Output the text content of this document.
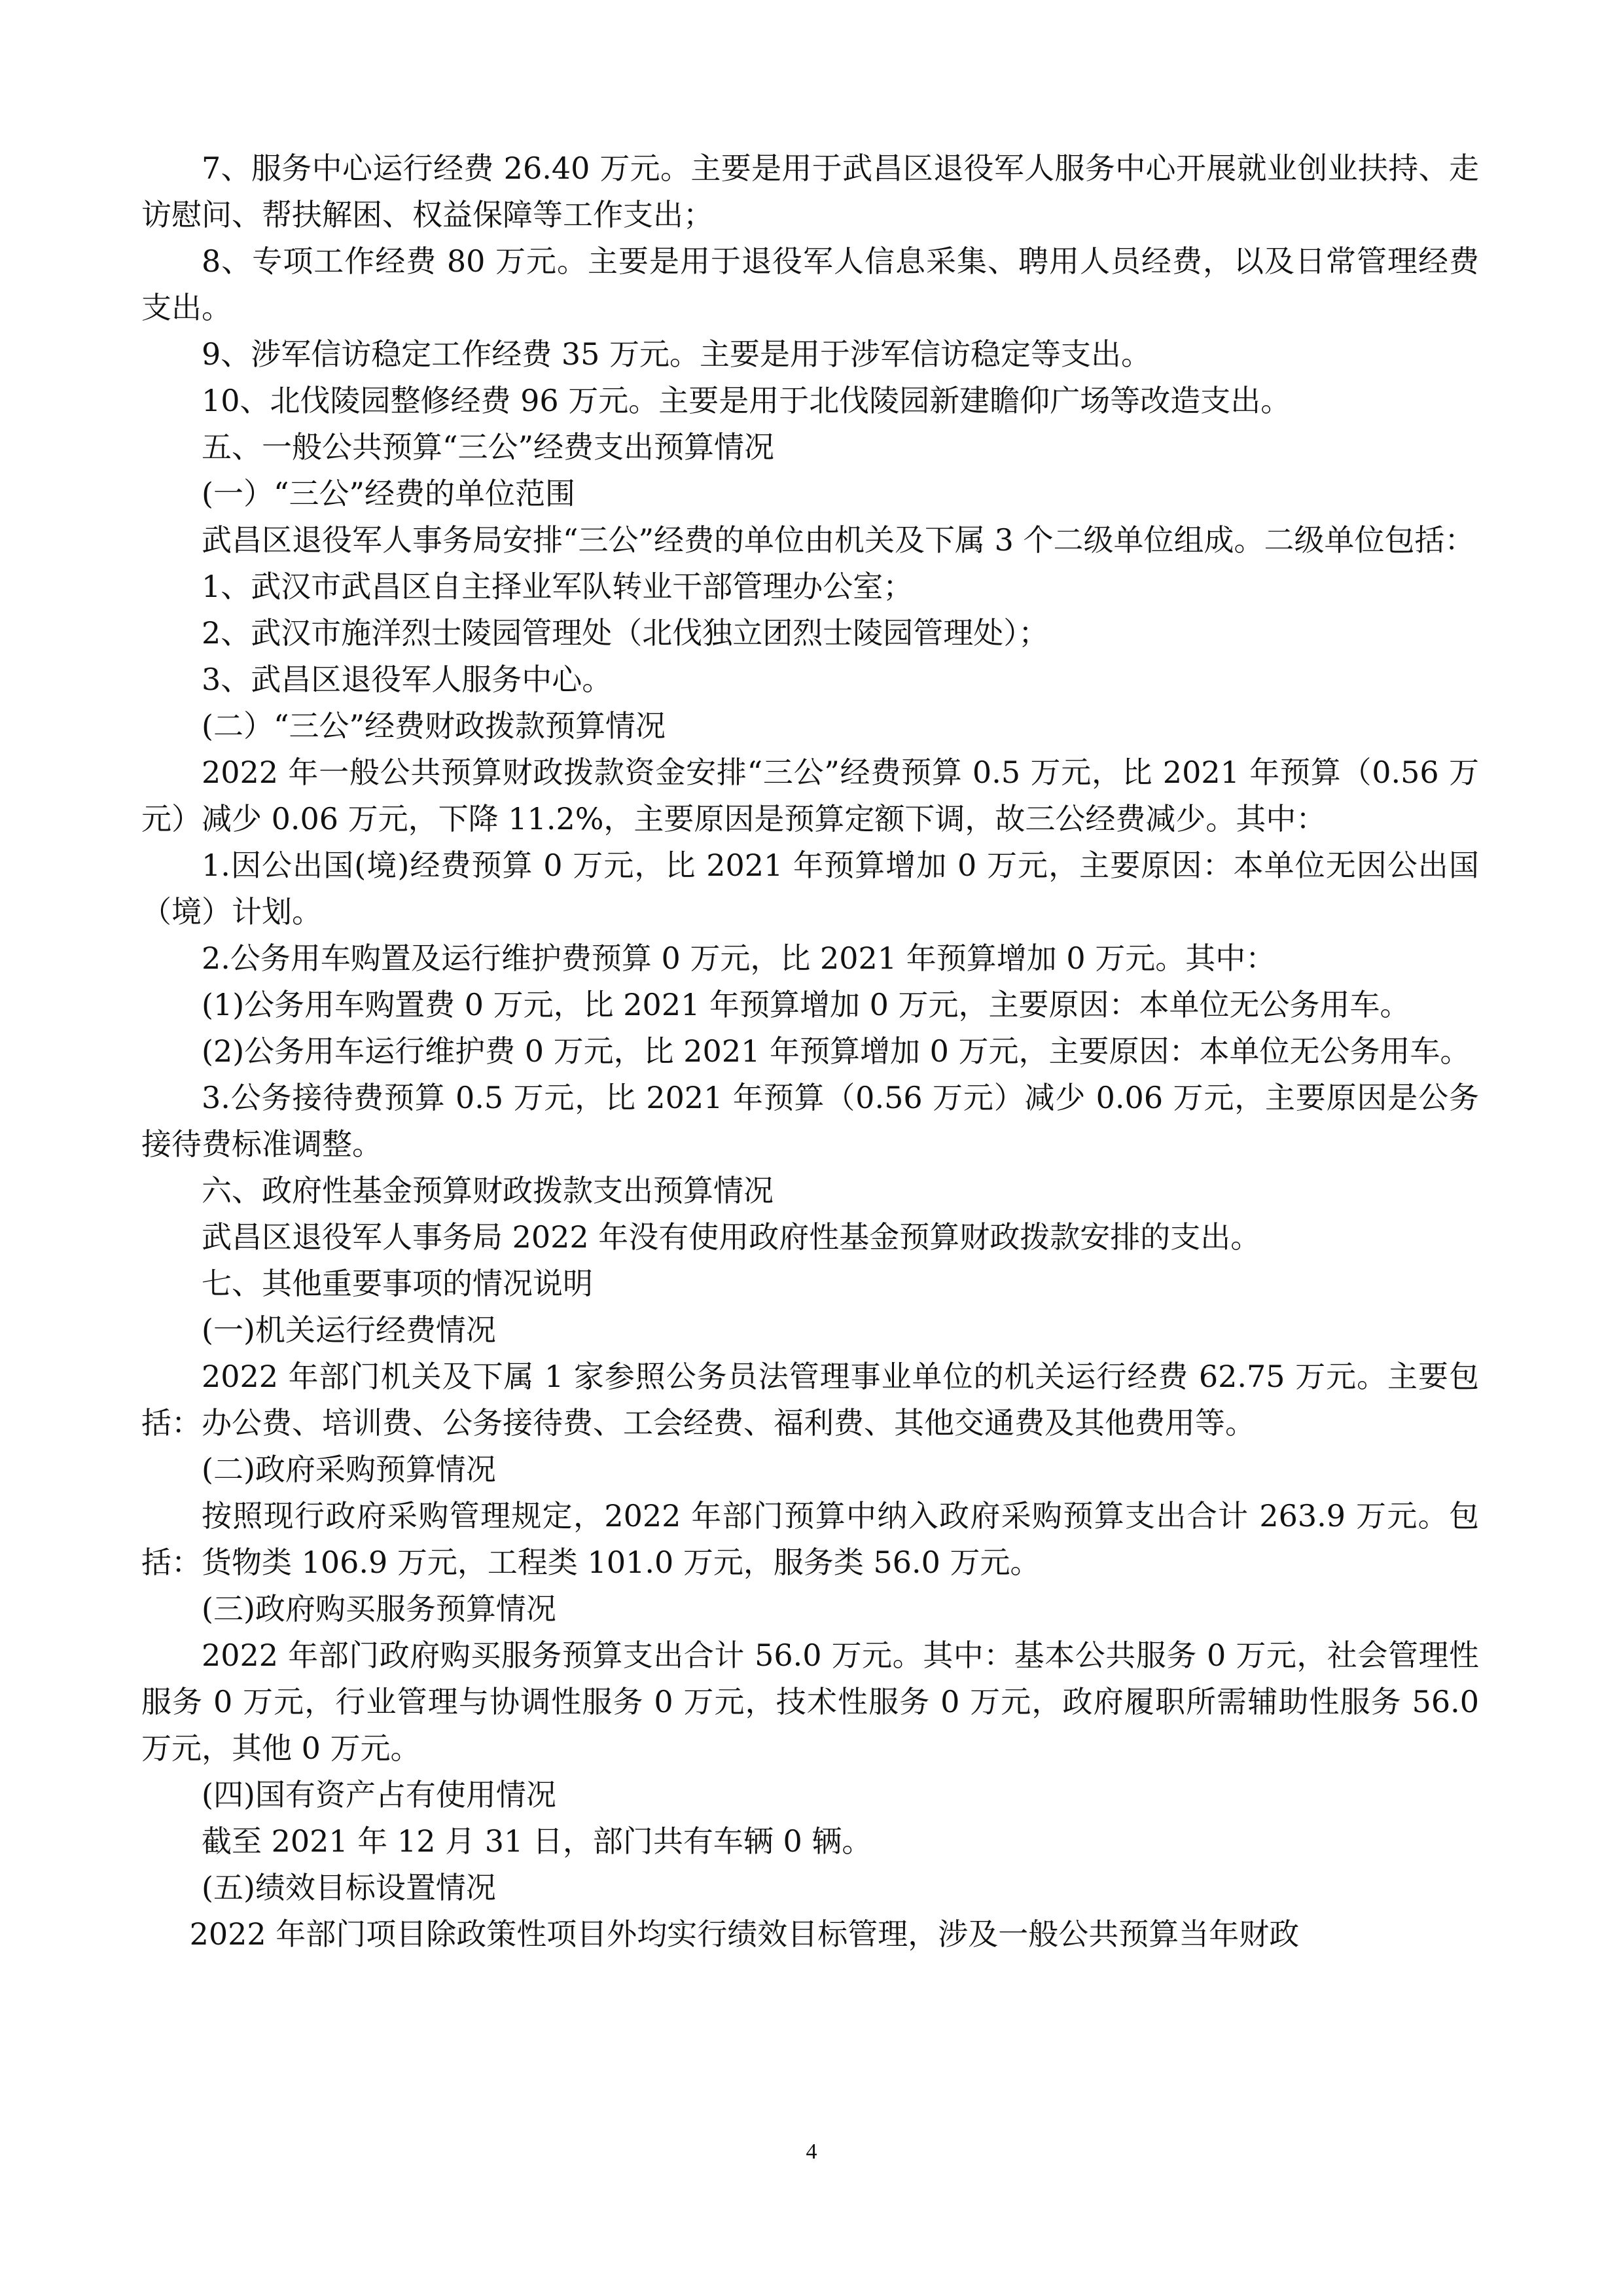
7、服务中心运行经费 26.40 万元。主要是用于武昌区退役军人服务中心开展就业创业扶持、走访慰问、帮扶解困、权益保障等工作支出；

8、专项工作经费 80 万元。主要是用于退役军人信息采集、聘用人员经费，以及日常管理经费支出。

9、涉军信访稳定工作经费 35 万元。主要是用于涉军信访稳定等支出。

10、北伐陵园整修经费 96 万元。主要是用于北伐陵园新建瞻仰广场等改造支出。

五、一般公共预算“三公”经费支出预算情况

(一）“三公”经费的单位范围

武昌区退役军人事务局安排“三公”经费的单位由机关及下属 3 个二级单位组成。二级单位包括：

1、武汉市武昌区自主择业军队转业干部管理办公室；

2、武汉市施洋烈士陵园管理处（北伐独立团烈士陵园管理处）；

3、武昌区退役军人服务中心。

(二）“三公”经费财政拨款预算情况

2022 年一般公共预算财政拨款资金安排“三公”经费预算 0.5 万元，比 2021 年预算（0.56 万元）减少 0.06 万元，下降 11.2%，主要原因是预算定额下调，故三公经费减少。其中：

1.因公出国(境)经费预算 0 万元，比 2021 年预算增加 0 万元，主要原因：本单位无因公出国（境）计划。

2.公务用车购置及运行维护费预算 0 万元，比 2021 年预算增加 0 万元。其中：

(1)公务用车购置费 0 万元，比 2021 年预算增加 0 万元，主要原因：本单位无公务用车。

(2)公务用车运行维护费 0 万元，比 2021 年预算增加 0 万元，主要原因：本单位无公务用车。

3.公务接待费预算 0.5 万元，比 2021 年预算（0.56 万元）减少 0.06 万元，主要原因是公务接待费标准调整。

六、政府性基金预算财政拨款支出预算情况

武昌区退役军人事务局 2022 年没有使用政府性基金预算财政拨款安排的支出。

七、其他重要事项的情况说明

(一)机关运行经费情况

2022 年部门机关及下属 1 家参照公务员法管理事业单位的机关运行经费 62.75 万元。主要包括：办公费、培训费、公务接待费、工会经费、福利费、其他交通费及其他费用等。

(二)政府采购预算情况

按照现行政府采购管理规定，2022 年部门预算中纳入政府采购预算支出合计 263.9 万元。包括：货物类 106.9 万元，工程类 101.0 万元，服务类 56.0 万元。

(三)政府购买服务预算情况

2022 年部门政府购买服务预算支出合计 56.0 万元。其中：基本公共服务 0 万元，社会管理性服务 0 万元，行业管理与协调性服务 0 万元，技术性服务 0 万元，政府履职所需辅助性服务 56.0 万元，其他 0 万元。

(四)国有资产占有使用情况

截至 2021 年 12 月 31 日，部门共有车辆 0 辆。

(五)绩效目标设置情况

2022 年部门项目除政策性项目外均实行绩效目标管理，涉及一般公共预算当年财政

4
